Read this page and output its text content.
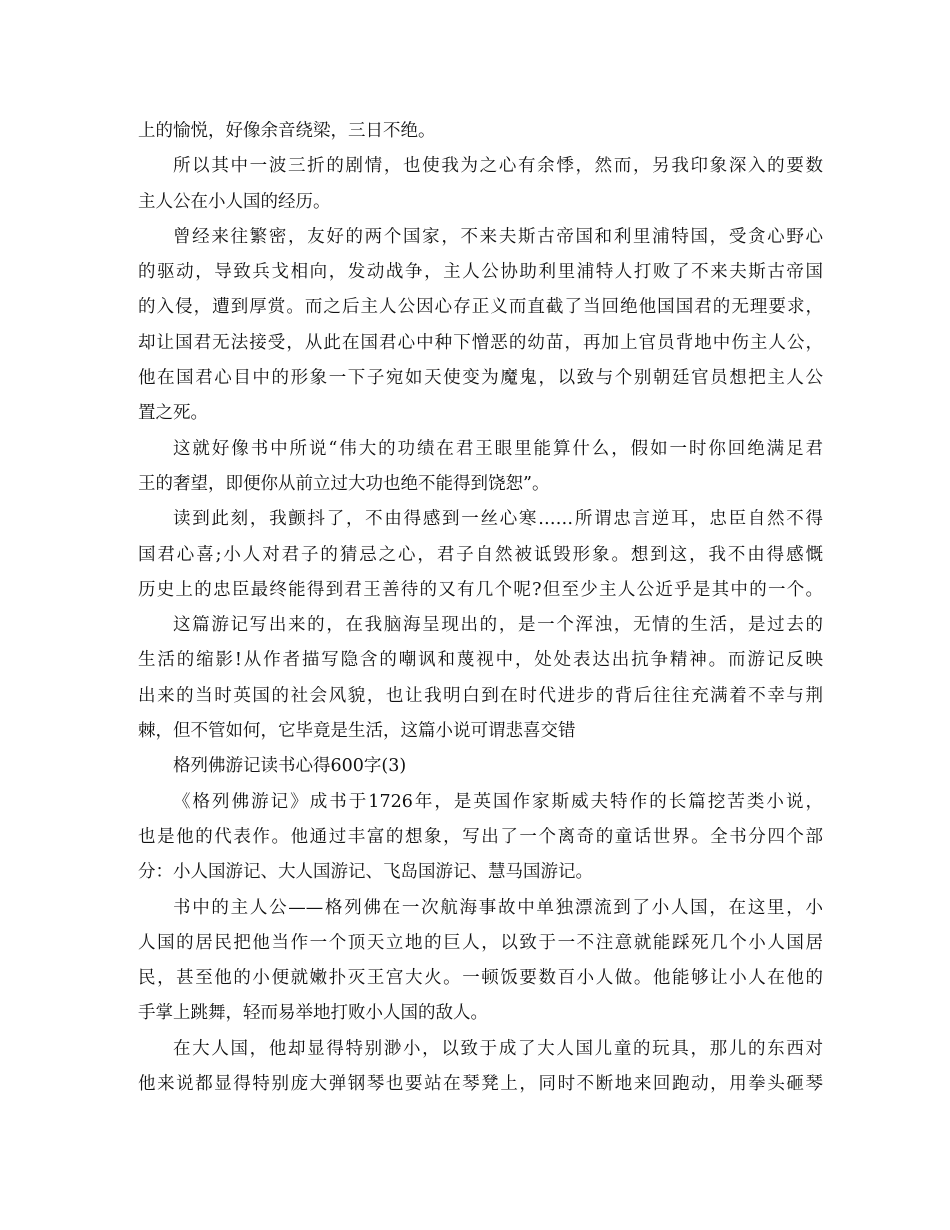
上的愉悦，好像余音绕梁，三日不绝。
所以其中一波三折的剧情，也使我为之心有余悸，然而，另我印象深入的要数
主人公在小人国的经历。
曾经来往繁密，友好的两个国家，不来夫斯古帝国和利里浦特国，受贪心野心
的驱动，导致兵戈相向，发动战争，主人公协助利里浦特人打败了不来夫斯古帝国
的入侵，遭到厚赏。而之后主人公因心存正义而直截了当回绝他国国君的无理要求，
却让国君无法接受，从此在国君心中种下憎恶的幼苗，再加上官员背地中伤主人公，
他在国君心目中的形象一下子宛如天使变为魔鬼，以致与个别朝廷官员想把主人公
置之死。
这就好像书中所说“伟大的功绩在君王眼里能算什么，假如一时你回绝满足君
王的奢望，即便你从前立过大功也绝不能得到饶恕”。
读到此刻，我颤抖了，不由得感到一丝心寒……所谓忠言逆耳，忠臣自然不得
国君心喜;小人对君子的猜忌之心，君子自然被诋毁形象。想到这，我不由得感慨
历史上的忠臣最终能得到君王善待的又有几个呢?但至少主人公近乎是其中的一个。
这篇游记写出来的，在我脑海呈现出的，是一个浑浊，无情的生活，是过去的
生活的缩影!从作者描写隐含的嘲讽和蔑视中，处处表达出抗争精神。而游记反映
出来的当时英国的社会风貌，也让我明白到在时代进步的背后往往充满着不幸与荆
棘，但不管如何，它毕竟是生活，这篇小说可谓悲喜交错
格列佛游记读书心得600字(3)
《格列佛游记》成书于1726年，是英国作家斯威夫特作的长篇挖苦类小说，
也是他的代表作。他通过丰富的想象，写出了一个离奇的童话世界。全书分四个部
分：小人国游记、大人国游记、飞岛国游记、慧马国游记。
书中的主人公——格列佛在一次航海事故中单独漂流到了小人国，在这里，小
人国的居民把他当作一个顶天立地的巨人，以致于一不注意就能踩死几个小人国居
民，甚至他的小便就嫩扑灭王宫大火。一顿饭要数百小人做。他能够让小人在他的
手掌上跳舞，轻而易举地打败小人国的敌人。
在大人国，他却显得特别渺小，以致于成了大人国儿童的玩具，那儿的东西对
他来说都显得特别庞大弹钢琴也要站在琴凳上，同时不断地来回跑动，用拳头砸琴
